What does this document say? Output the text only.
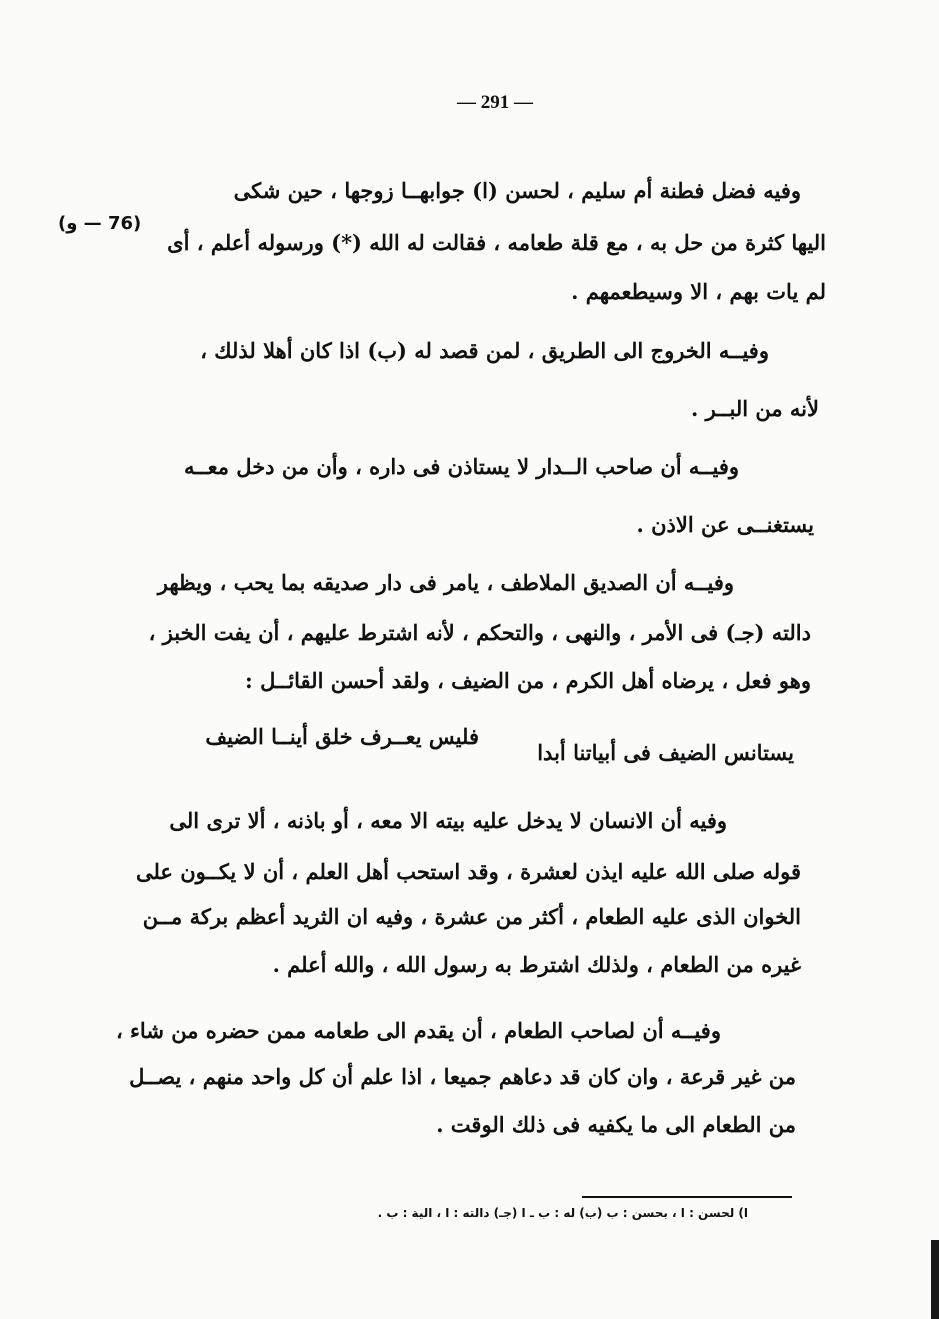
— 291 —
(76 — و)
وفيه فضل فطنة أم سليم ، لحسن (ا) جوابهــا زوجها ، حين شكى
اليها كثرة من حل به ، مع قلة طعامه ، فقالت له الله (*) ورسوله أعلم ، أى
لم يات بهم ، الا وسيطعمهم .
وفيــه الخروج الى الطريق ، لمن قصد له (ب) اذا كان أهلا لذلك ،
لأنه من البــر .
وفيــه أن صاحب الــدار لا يستاذن فى داره ، وأن من دخل معــه
يستغنــى عن الاذن .
وفيــه أن الصديق الملاطف ، يامر فى دار صديقه بما يحب ، ويظهر
دالته (جـ) فى الأمر ، والنهى ، والتحكم ، لأنه اشترط عليهم ، أن يفت الخبز ،
وهو فعل ، يرضاه أهل الكرم ، من الضيف ، ولقد أحسن القائــل :
يستانس الضيف فى أبياتنا أبدا
فليس يعــرف خلق أينــا الضيف
وفيه أن الانسان لا يدخل عليه بيته الا معه ، أو باذنه ، ألا ترى الى
قوله صلى الله عليه ايذن لعشرة ، وقد استحب أهل العلم ، أن لا يكــون على
الخوان الذى عليه الطعام ، أكثر من عشرة ، وفيه ان الثريد أعظم بركة مــن
غيره من الطعام ، ولذلك اشترط به رسول الله ، والله أعلم .
وفيــه أن لصاحب الطعام ، أن يقدم الى طعامه ممن حضره من شاء ،
من غير قرعة ، وان كان قد دعاهم جميعا ، اذا علم أن كل واحد منهم ، يصــل
من الطعام الى ما يكفيه فى ذلك الوقت .
ا) لحسن : ا ، بحسن : ب (ب) له : ب ـ ا (جـ) دالته : ا ، الية : ب .
